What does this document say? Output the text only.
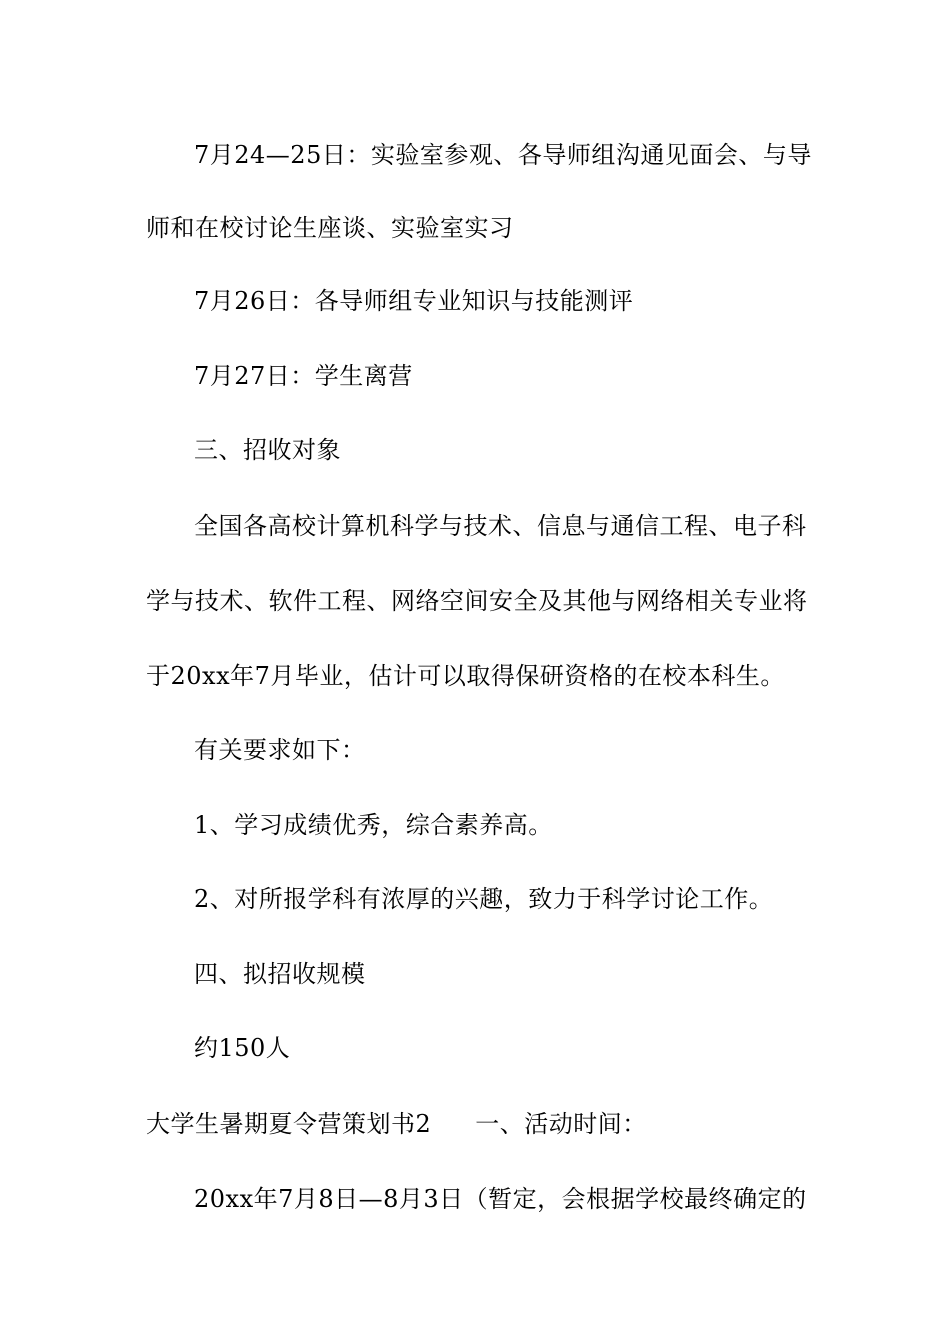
7月24—25日：实验室参观、各导师组沟通见面会、与导
师和在校讨论生座谈、实验室实习
7月26日：各导师组专业知识与技能测评
7月27日：学生离营
三、招收对象
全国各高校计算机科学与技术、信息与通信工程、电子科
学与技术、软件工程、网络空间安全及其他与网络相关专业将
于20xx年7月毕业，估计可以取得保研资格的在校本科生。
有关要求如下：
1、学习成绩优秀，综合素养高。
2、对所报学科有浓厚的兴趣，致力于科学讨论工作。
四、拟招收规模
约150人
大学生暑期夏令营策划书2 一、活动时间：
20xx年7月8日—8月3日（暂定，会根据学校最终确定的
